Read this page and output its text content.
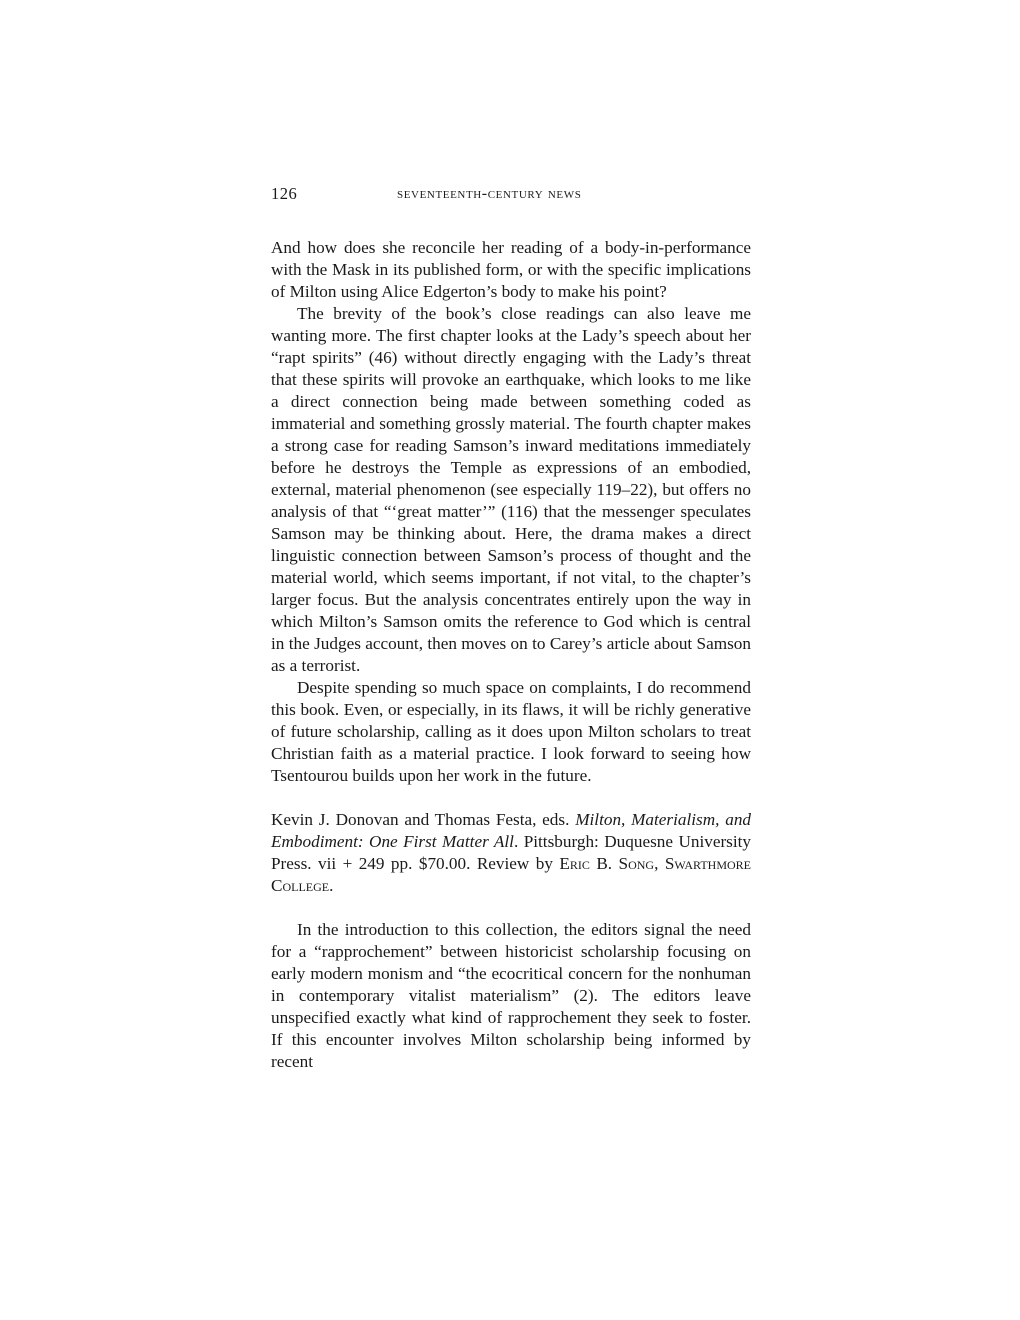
126	seventeenth-century news

And how does she reconcile her reading of a body-in-performance with the Mask in its published form, or with the specific implications of Milton using Alice Edgerton’s body to make his point?

The brevity of the book’s close readings can also leave me wanting more. The first chapter looks at the Lady’s speech about her “rapt spirits” (46) without directly engaging with the Lady’s threat that these spirits will provoke an earthquake, which looks to me like a direct connection being made between something coded as immaterial and something grossly material. The fourth chapter makes a strong case for reading Samson’s inward meditations immediately before he destroys the Temple as expressions of an embodied, external, material phenomenon (see especially 119–22), but offers no analysis of that “‘great matter’” (116) that the messenger speculates Samson may be thinking about. Here, the drama makes a direct linguistic connection between Samson’s process of thought and the material world, which seems important, if not vital, to the chapter’s larger focus. But the analysis concentrates entirely upon the way in which Milton’s Samson omits the reference to God which is central in the Judges account, then moves on to Carey’s article about Samson as a terrorist.

Despite spending so much space on complaints, I do recommend this book. Even, or especially, in its flaws, it will be richly generative of future scholarship, calling as it does upon Milton scholars to treat Christian faith as a material practice. I look forward to seeing how Tsentourou builds upon her work in the future.

Kevin J. Donovan and Thomas Festa, eds. Milton, Materialism, and Embodiment: One First Matter All. Pittsburgh: Duquesne University Press. vii + 249 pp. $70.00. Review by Eric B. Song, Swarthmore College.

In the introduction to this collection, the editors signal the need for a “rapprochement” between historicist scholarship focusing on early modern monism and “the ecocritical concern for the nonhuman in contemporary vitalist materialism” (2). The editors leave unspecified exactly what kind of rapprochement they seek to foster. If this encounter involves Milton scholarship being informed by recent
